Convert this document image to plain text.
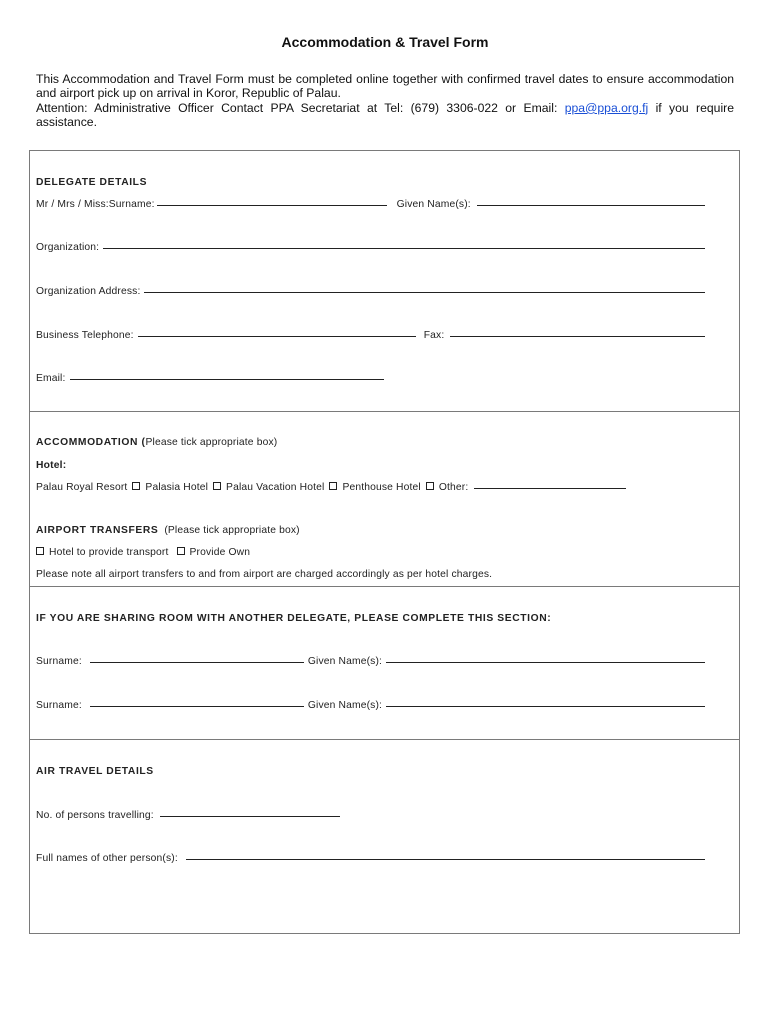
Accommodation & Travel Form

This Accommodation and Travel Form must be completed online together with confirmed travel dates to ensure accommodation and airport pick up on arrival in Koror, Republic of Palau.

Attention: Administrative Officer Contact PPA Secretariat at Tel: (679) 3306-022 or Email: ppa@ppa.org.fj if you require assistance.

DELEGATE DETAILS
Mr / Mrs / Miss:Surname:	Given Name(s):
Organization:
Organization Address:
Business Telephone:	Fax:
Email:
ACCOMMODATION ( Please tick appropriate box)
Hotel:
Palau Royal Resort Palasia Hotel Palau Vacation Hotel Penthouse Hotel Other:
AIRPORT TRANSFERS (Please tick appropriate box)
Hotel to provide transport Provide Own
Please note all airport transfers to and from airport are charged accordingly as per hotel charges.
IF YOU ARE SHARING ROOM WITH ANOTHER DELEGATE, PLEASE COMPLETE THIS SECTION:
Surname:	Given Name(s):
Surname:	Given Name(s):
AIR TRAVEL DETAILS
No. of persons travelling:
Full names of other person(s):
